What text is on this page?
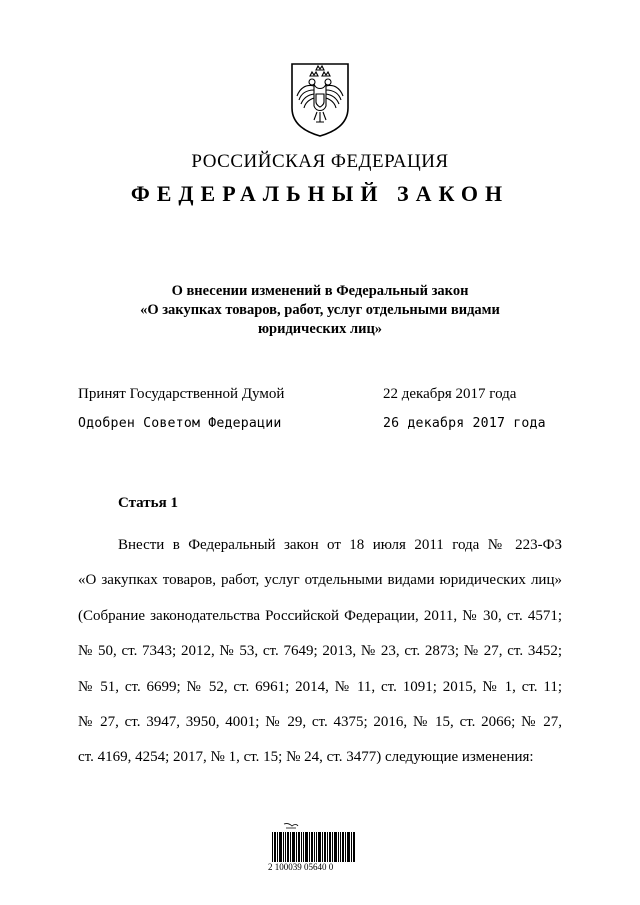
РОССИЙСКАЯ ФЕДЕРАЦИЯ
ФЕДЕРАЛЬНЫЙ ЗАКОН
О внесении изменений в Федеральный закон
«О закупках товаров, работ, услуг отдельными видами
юридических лиц»
Принят Государственной Думой	22 декабря 2017 года
Одобрен Советом Федерации	26 декабря 2017 года
Статья 1
Внести в Федеральный закон от 18 июля 2011 года № 223-ФЗ
«О закупках товаров, работ, услуг отдельными видами юридических лиц»
(Собрание законодательства Российской Федерации, 2011, № 30, ст. 4571;
№ 50, ст. 7343; 2012, № 53, ст. 7649; 2013, № 23, ст. 2873; № 27, ст. 3452;
№ 51, ст. 6699; № 52, ст. 6961; 2014, № 11, ст. 1091; 2015, № 1, ст. 11;
№ 27, ст. 3947, 3950, 4001; № 29, ст. 4375; 2016, № 15, ст. 2066; № 27,
ст. 4169, 4254; 2017, № 1, ст. 15; № 24, ст. 3477) следующие изменения:
2 100039 05640 0
